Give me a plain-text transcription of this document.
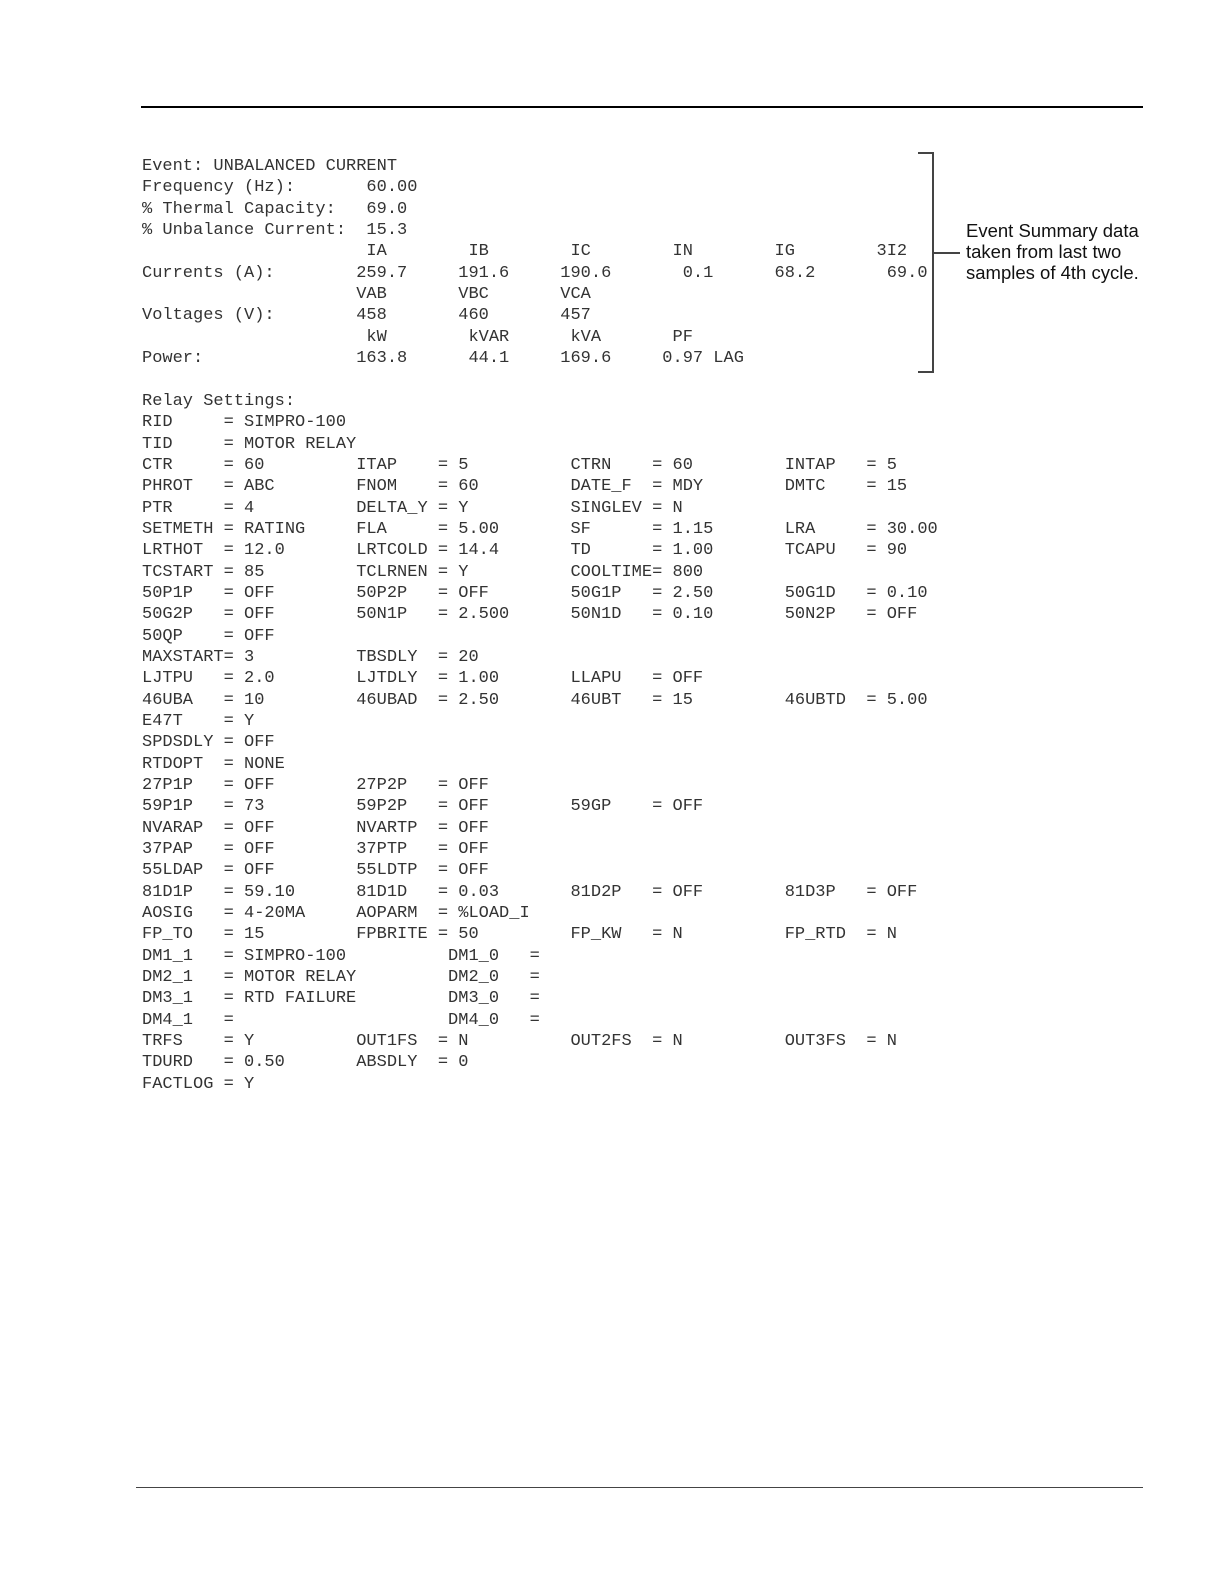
Event: UNBALANCED CURRENT
Frequency (Hz):       60.00
% Thermal Capacity:   69.0
% Unbalance Current:  15.3
IA        IB        IC        IN        IG        3I2
Currents (A):        259.7     191.6     190.6       0.1      68.2       69.0
VAB       VBC       VCA
Voltages (V):        458       460       457
kW        kVAR      kVA       PF
Power:               163.8      44.1     169.6     0.97 LAG
Event Summary data
taken from last two
samples of 4th cycle.
Relay Settings:
RID     = SIMPRO-100
TID     = MOTOR RELAY
CTR     = 60         ITAP    = 5          CTRN    = 60         INTAP   = 5
PHROT   = ABC        FNOM    = 60         DATE_F  = MDY        DMTC    = 15
PTR     = 4          DELTA_Y = Y          SINGLEV = N
SETMETH = RATING     FLA     = 5.00       SF      = 1.15       LRA     = 30.00
LRTHOT  = 12.0       LRTCOLD = 14.4       TD      = 1.00       TCAPU   = 90
TCSTART = 85         TCLRNEN = Y          COOLTIME= 800
50P1P   = OFF        50P2P   = OFF        50G1P   = 2.50       50G1D   = 0.10
50G2P   = OFF        50N1P   = 2.500      50N1D   = 0.10       50N2P   = OFF
50QP    = OFF
MAXSTART= 3          TBSDLY  = 20
LJTPU   = 2.0        LJTDLY  = 1.00       LLAPU   = OFF
46UBA   = 10         46UBAD  = 2.50       46UBT   = 15         46UBTD  = 5.00
E47T    = Y
SPDSDLY = OFF
RTDOPT  = NONE
27P1P   = OFF        27P2P   = OFF
59P1P   = 73         59P2P   = OFF        59GP    = OFF
NVARAP  = OFF        NVARTP  = OFF
37PAP   = OFF        37PTP   = OFF
55LDAP  = OFF        55LDTP  = OFF
81D1P   = 59.10      81D1D   = 0.03       81D2P   = OFF        81D3P   = OFF
AOSIG   = 4-20MA     AOPARM  = %LOAD_I
FP_TO   = 15         FPBRITE = 50         FP_KW   = N          FP_RTD  = N
DM1_1   = SIMPRO-100          DM1_0   =
DM2_1   = MOTOR RELAY         DM2_0   =
DM3_1   = RTD FAILURE         DM3_0   =
DM4_1   =                     DM4_0   =
TRFS    = Y          OUT1FS  = N          OUT2FS  = N          OUT3FS  = N
TDURD   = 0.50       ABSDLY  = 0
FACTLOG = Y
